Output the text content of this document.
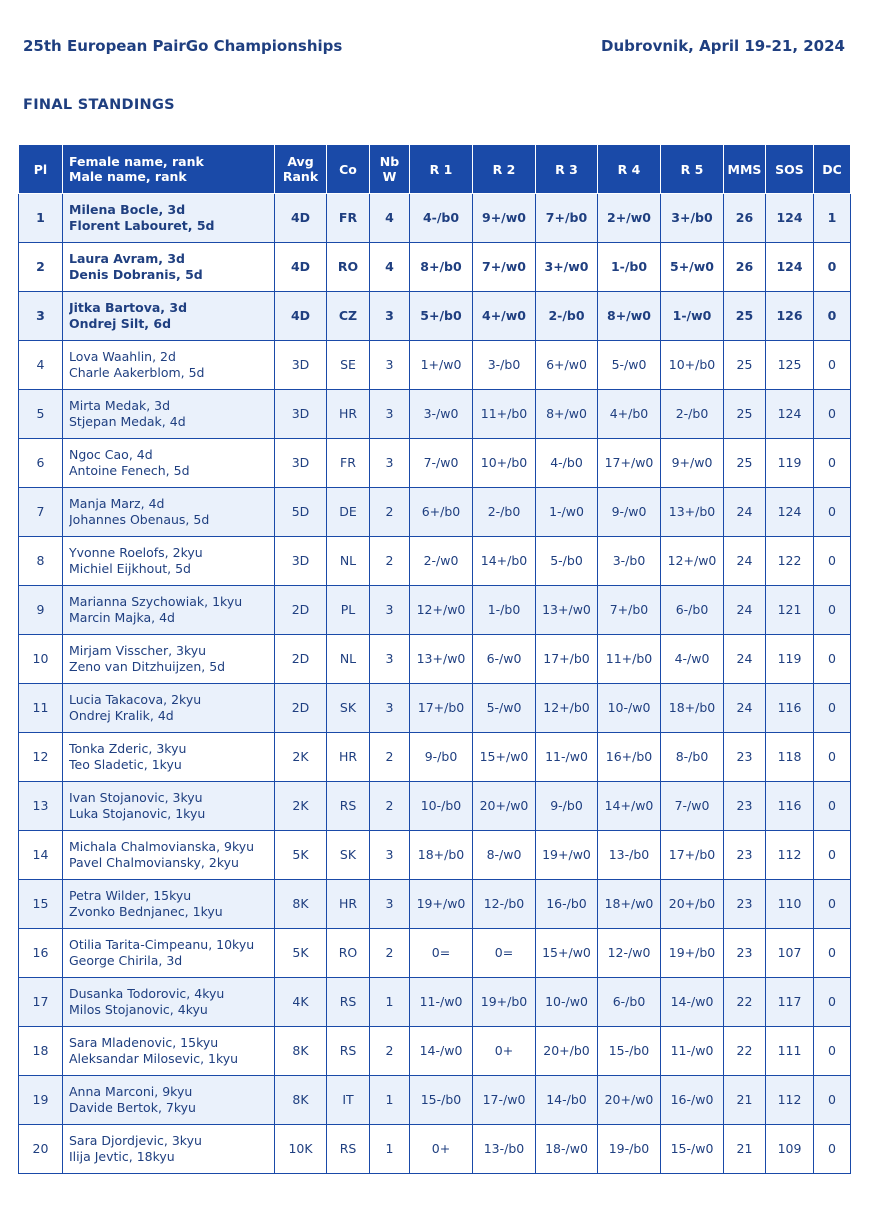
25th European PairGo Championships	Dubrovnik, April 19-21, 2024
FINAL STANDINGS
Pl	Female name, rank
Male name, rank	Avg
Rank	Co	Nb
W	R 1	R 2	R 3	R 4	R 5	MMS	SOS	DC
1	Milena Bocle, 3d
Florent Labouret, 5d	4D	FR	4	4-/b0	9+/w0	7+/b0	2+/w0	3+/b0	26	124	1
2	Laura Avram, 3d
Denis Dobranis, 5d	4D	RO	4	8+/b0	7+/w0	3+/w0	1-/b0	5+/w0	26	124	0
3	Jitka Bartova, 3d
Ondrej Silt, 6d	4D	CZ	3	5+/b0	4+/w0	2-/b0	8+/w0	1-/w0	25	126	0
4	Lova Waahlin, 2d
Charle Aakerblom, 5d	3D	SE	3	1+/w0	3-/b0	6+/w0	5-/w0	10+/b0	25	125	0
5	Mirta Medak, 3d
Stjepan Medak, 4d	3D	HR	3	3-/w0	11+/b0	8+/w0	4+/b0	2-/b0	25	124	0
6	Ngoc Cao, 4d
Antoine Fenech, 5d	3D	FR	3	7-/w0	10+/b0	4-/b0	17+/w0	9+/w0	25	119	0
7	Manja Marz, 4d
Johannes Obenaus, 5d	5D	DE	2	6+/b0	2-/b0	1-/w0	9-/w0	13+/b0	24	124	0
8	Yvonne Roelofs, 2kyu
Michiel Eijkhout, 5d	3D	NL	2	2-/w0	14+/b0	5-/b0	3-/b0	12+/w0	24	122	0
9	Marianna Szychowiak, 1kyu
Marcin Majka, 4d	2D	PL	3	12+/w0	1-/b0	13+/w0	7+/b0	6-/b0	24	121	0
10	Mirjam Visscher, 3kyu
Zeno van Ditzhuijzen, 5d	2D	NL	3	13+/w0	6-/w0	17+/b0	11+/b0	4-/w0	24	119	0
11	Lucia Takacova, 2kyu
Ondrej Kralik, 4d	2D	SK	3	17+/b0	5-/w0	12+/b0	10-/w0	18+/b0	24	116	0
12	Tonka Zderic, 3kyu
Teo Sladetic, 1kyu	2K	HR	2	9-/b0	15+/w0	11-/w0	16+/b0	8-/b0	23	118	0
13	Ivan Stojanovic, 3kyu
Luka Stojanovic, 1kyu	2K	RS	2	10-/b0	20+/w0	9-/b0	14+/w0	7-/w0	23	116	0
14	Michala Chalmovianska, 9kyu
Pavel Chalmoviansky, 2kyu	5K	SK	3	18+/b0	8-/w0	19+/w0	13-/b0	17+/b0	23	112	0
15	Petra Wilder, 15kyu
Zvonko Bednjanec, 1kyu	8K	HR	3	19+/w0	12-/b0	16-/b0	18+/w0	20+/b0	23	110	0
16	Otilia Tarita-Cimpeanu, 10kyu
George Chirila, 3d	5K	RO	2	0=	0=	15+/w0	12-/w0	19+/b0	23	107	0
17	Dusanka Todorovic, 4kyu
Milos Stojanovic, 4kyu	4K	RS	1	11-/w0	19+/b0	10-/w0	6-/b0	14-/w0	22	117	0
18	Sara Mladenovic, 15kyu
Aleksandar Milosevic, 1kyu	8K	RS	2	14-/w0	0+	20+/b0	15-/b0	11-/w0	22	111	0
19	Anna Marconi, 9kyu
Davide Bertok, 7kyu	8K	IT	1	15-/b0	17-/w0	14-/b0	20+/w0	16-/w0	21	112	0
20	Sara Djordjevic, 3kyu
Ilija Jevtic, 18kyu	10K	RS	1	0+	13-/b0	18-/w0	19-/b0	15-/w0	21	109	0
